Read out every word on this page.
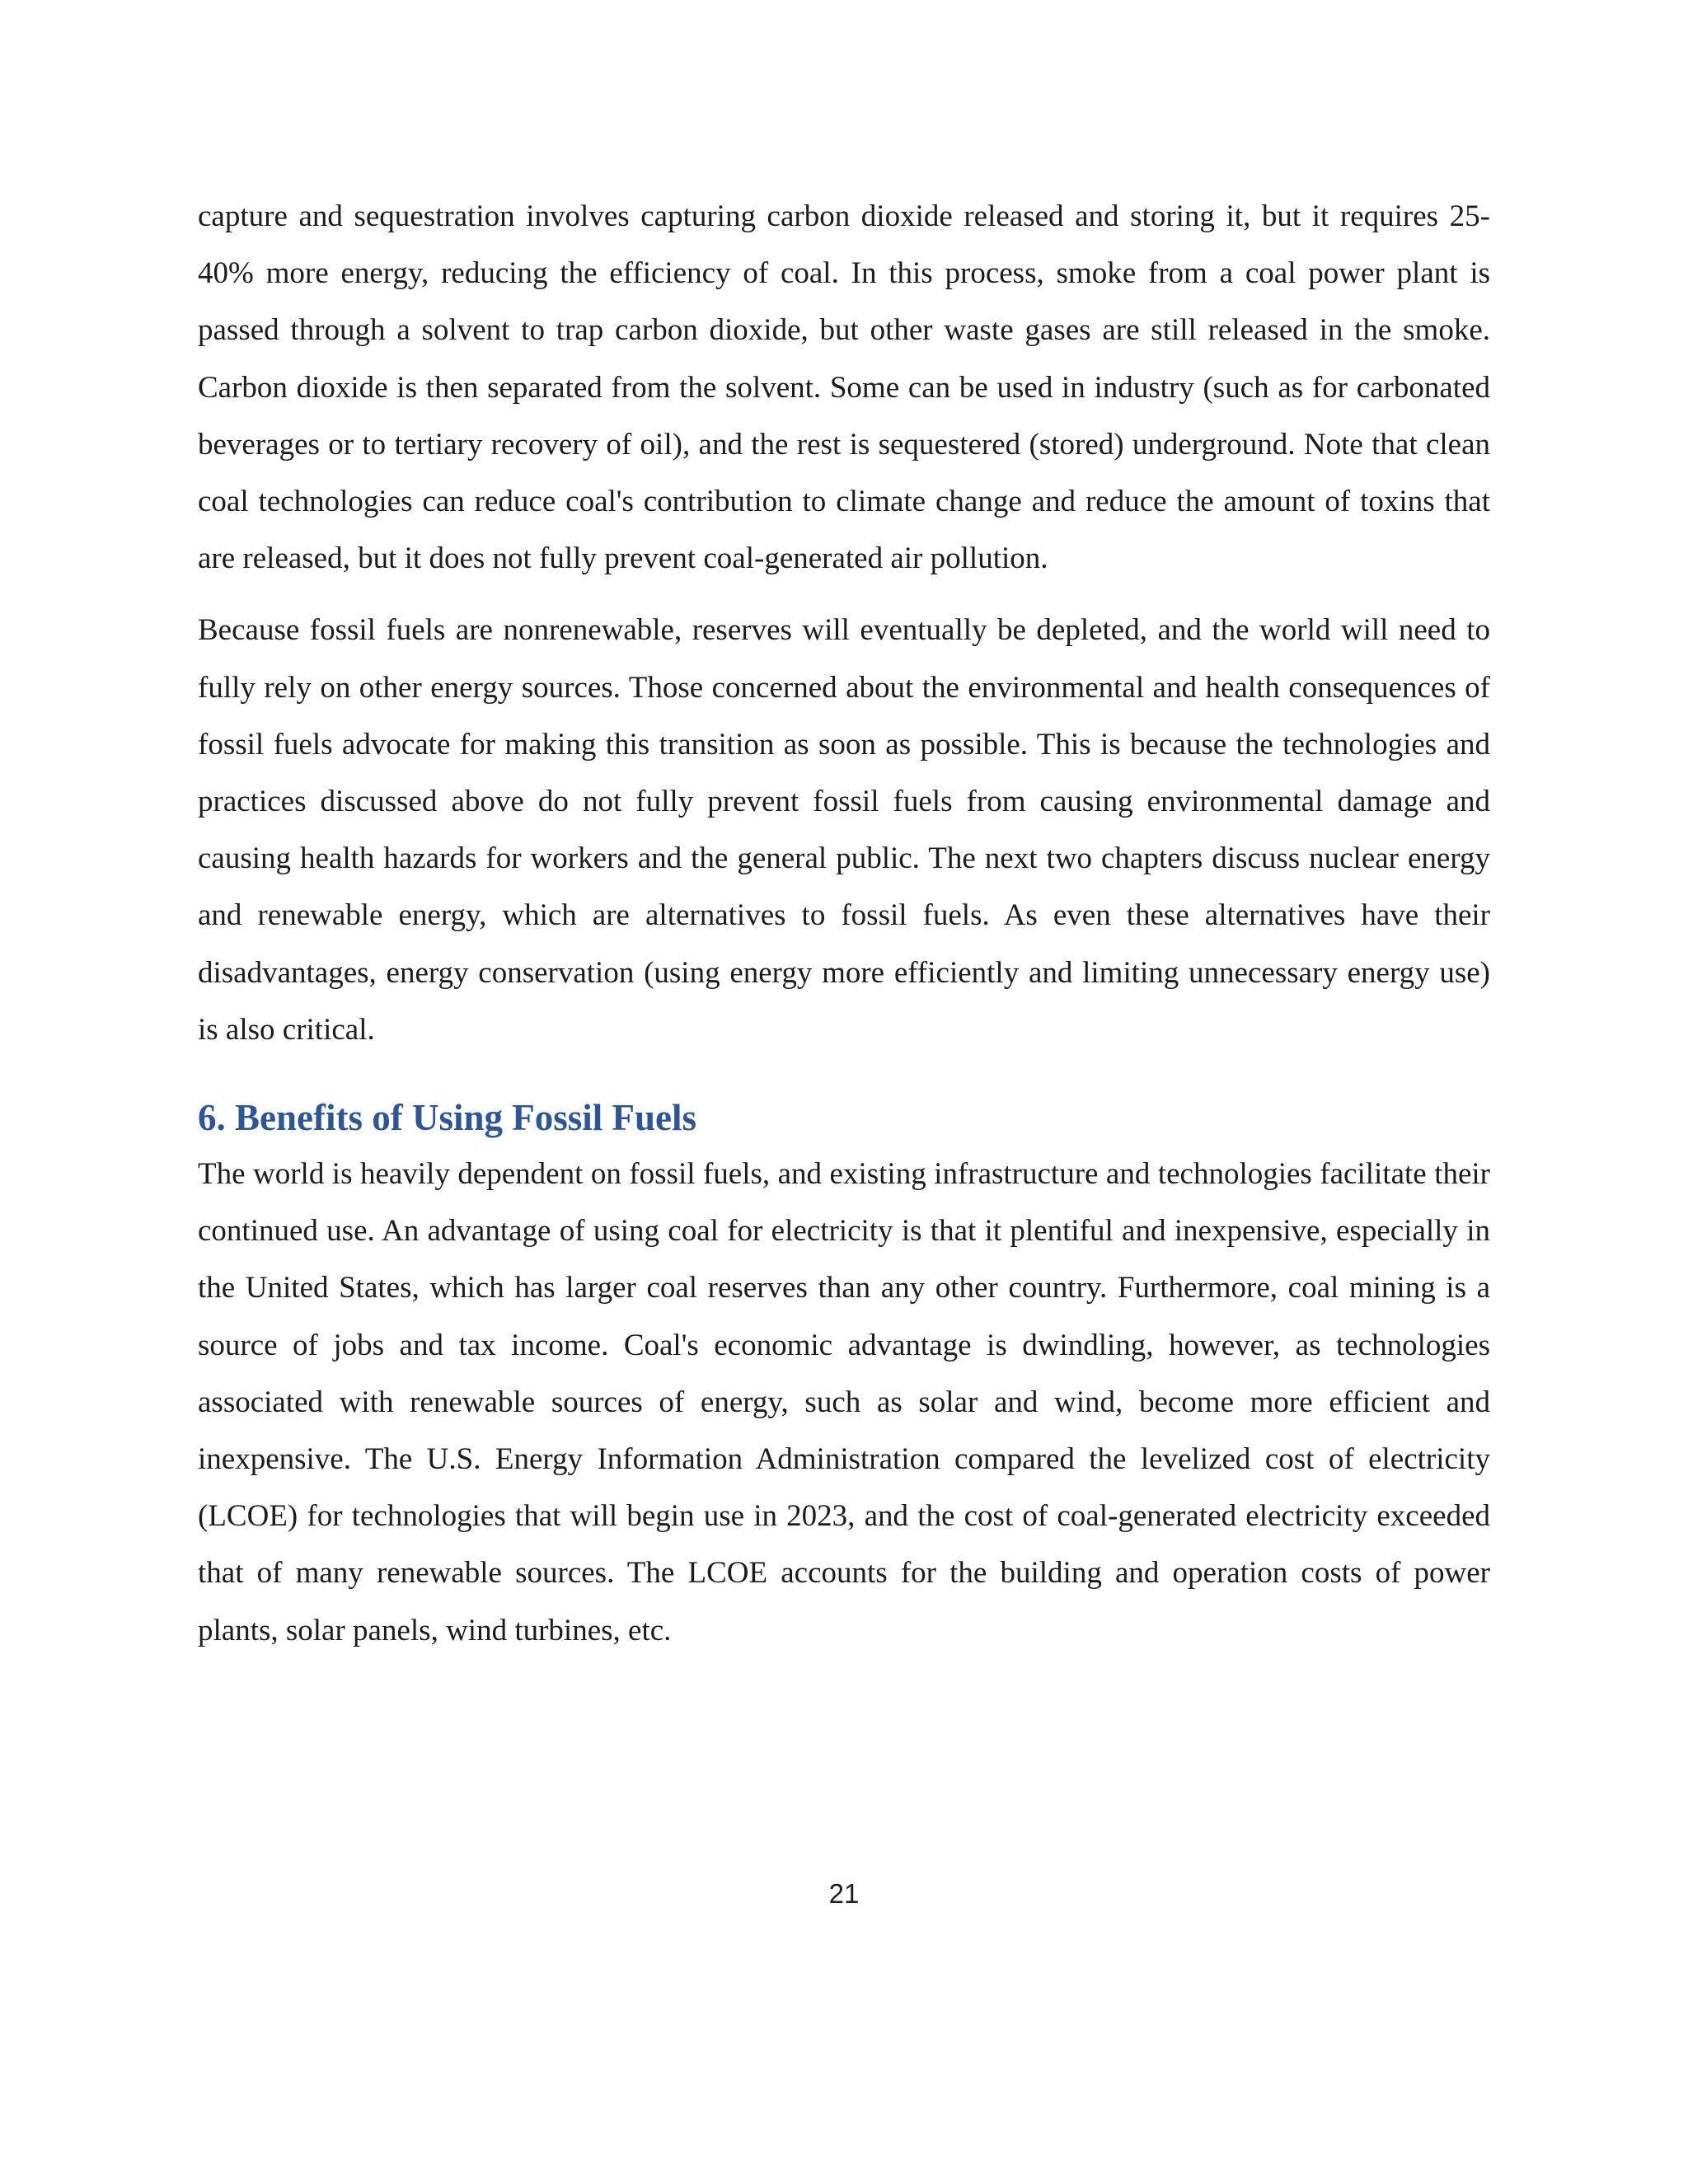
capture and sequestration involves capturing carbon dioxide released and storing it, but it requires 25-40% more energy, reducing the efficiency of coal. In this process, smoke from a coal power plant is passed through a solvent to trap carbon dioxide, but other waste gases are still released in the smoke. Carbon dioxide is then separated from the solvent. Some can be used in industry (such as for carbonated beverages or to tertiary recovery of oil), and the rest is sequestered (stored) underground. Note that clean coal technologies can reduce coal's contribution to climate change and reduce the amount of toxins that are released, but it does not fully prevent coal-generated air pollution.

Because fossil fuels are nonrenewable, reserves will eventually be depleted, and the world will need to fully rely on other energy sources. Those concerned about the environmental and health consequences of fossil fuels advocate for making this transition as soon as possible. This is because the technologies and practices discussed above do not fully prevent fossil fuels from causing environmental damage and causing health hazards for workers and the general public. The next two chapters discuss nuclear energy and renewable energy, which are alternatives to fossil fuels. As even these alternatives have their disadvantages, energy conservation (using energy more efficiently and limiting unnecessary energy use) is also critical.

6. Benefits of Using Fossil Fuels

The world is heavily dependent on fossil fuels, and existing infrastructure and technologies facilitate their continued use. An advantage of using coal for electricity is that it plentiful and inexpensive, especially in the United States, which has larger coal reserves than any other country. Furthermore, coal mining is a source of jobs and tax income. Coal's economic advantage is dwindling, however, as technologies associated with renewable sources of energy, such as solar and wind, become more efficient and inexpensive. The U.S. Energy Information Administration compared the levelized cost of electricity (LCOE) for technologies that will begin use in 2023, and the cost of coal-generated electricity exceeded that of many renewable sources. The LCOE accounts for the building and operation costs of power plants, solar panels, wind turbines, etc.

21
